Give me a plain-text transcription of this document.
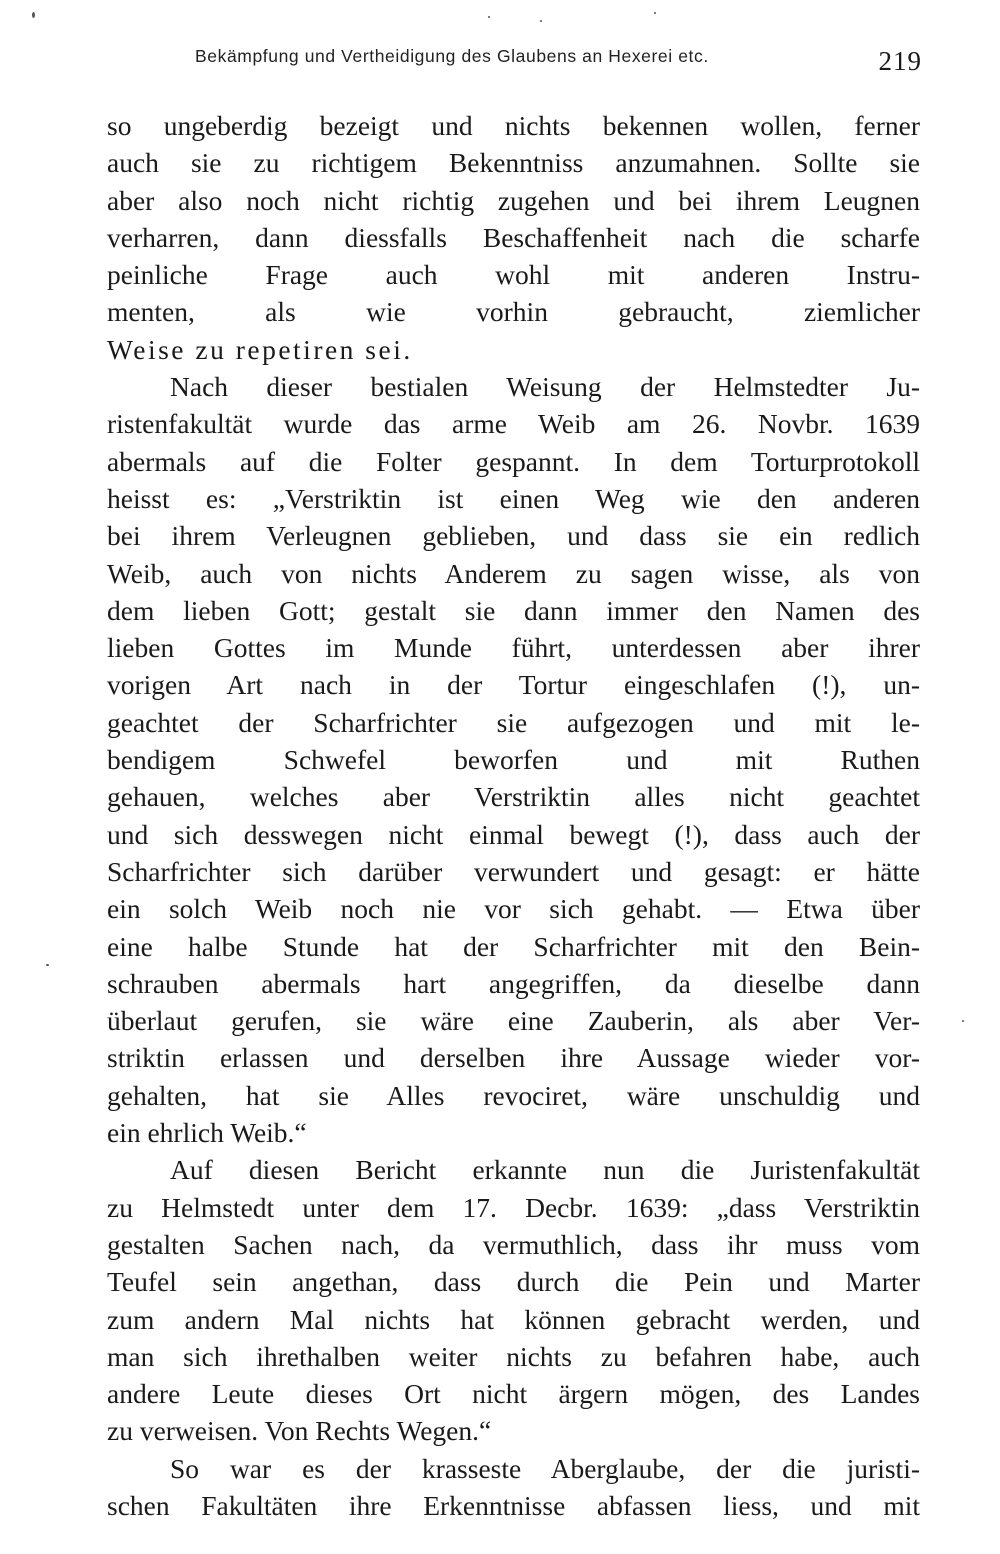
Bekämpfung und Vertheidigung des Glaubens an Hexerei etc.	219
so ungeberdig bezeigt und nichts bekennen wollen, ferner
auch sie zu richtigem Bekenntniss anzumahnen. Sollte sie
aber also noch nicht richtig zugehen und bei ihrem Leugnen
verharren, dann diessfalls Beschaffenheit nach die scharfe
peinliche Frage auch wohl mit anderen Instru-
menten, als wie vorhin gebraucht, ziemlicher
Weise zu repetiren sei.
Nach dieser bestialen Weisung der Helmstedter Ju-
ristenfakultät wurde das arme Weib am 26. Novbr. 1639
abermals auf die Folter gespannt. In dem Torturprotokoll
heisst es: „Verstriktin ist einen Weg wie den anderen
bei ihrem Verleugnen geblieben, und dass sie ein redlich
Weib, auch von nichts Anderem zu sagen wisse, als von
dem lieben Gott; gestalt sie dann immer den Namen des
lieben Gottes im Munde führt, unterdessen aber ihrer
vorigen Art nach in der Tortur eingeschlafen (!), un-
geachtet der Scharfrichter sie aufgezogen und mit le-
bendigem Schwefel beworfen und mit Ruthen
gehauen, welches aber Verstriktin alles nicht geachtet
und sich desswegen nicht einmal bewegt (!), dass auch der
Scharfrichter sich darüber verwundert und gesagt: er hätte
ein solch Weib noch nie vor sich gehabt. — Etwa über
eine halbe Stunde hat der Scharfrichter mit den Bein-
schrauben abermals hart angegriffen, da dieselbe dann
überlaut gerufen, sie wäre eine Zauberin, als aber Ver-
striktin erlassen und derselben ihre Aussage wieder vor-
gehalten, hat sie Alles revociret, wäre unschuldig und
ein ehrlich Weib.“
Auf diesen Bericht erkannte nun die Juristenfakultät
zu Helmstedt unter dem 17. Decbr. 1639: „dass Verstriktin
gestalten Sachen nach, da vermuthlich, dass ihr muss vom
Teufel sein angethan, dass durch die Pein und Marter
zum andern Mal nichts hat können gebracht werden, und
man sich ihrethalben weiter nichts zu befahren habe, auch
andere Leute dieses Ort nicht ärgern mögen, des Landes
zu verweisen. Von Rechts Wegen.“
So war es der krasseste Aberglaube, der die juristi-
schen Fakultäten ihre Erkenntnisse abfassen liess, und mit
